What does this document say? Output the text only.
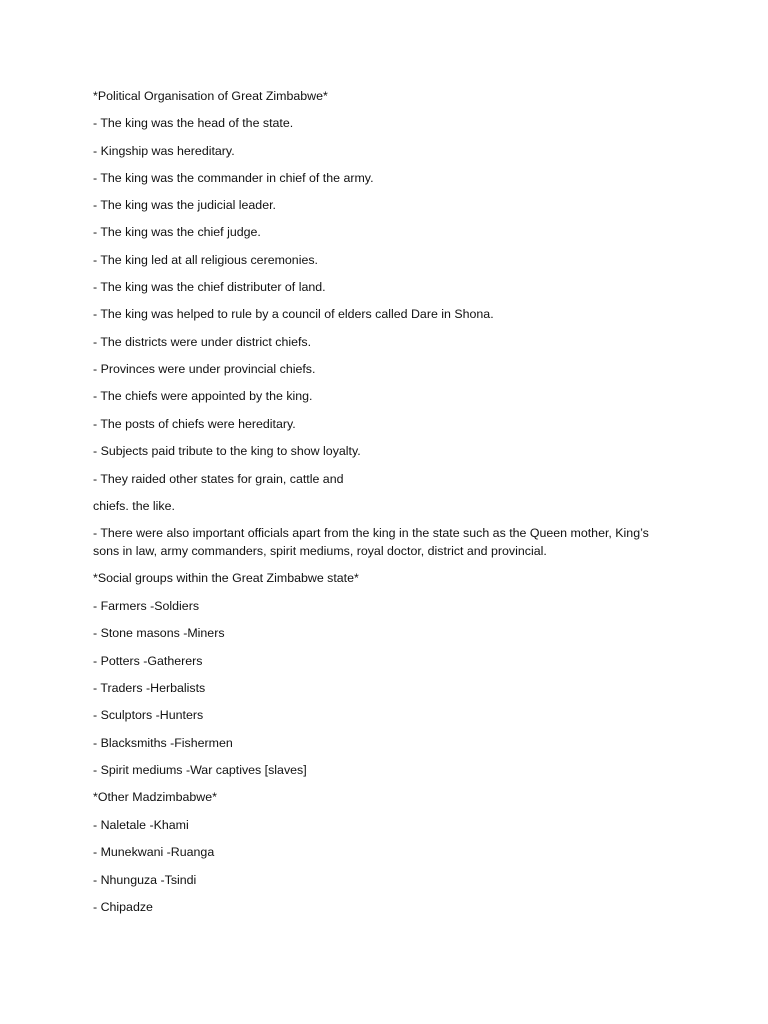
*Political Organisation of Great Zimbabwe*
- The king was the head of the state.
- Kingship was hereditary.
- The king was the commander in chief of the army.
- The king was the judicial leader.
- The king was the chief judge.
- The king led at all religious ceremonies.
- The king was the chief distributer of land.
- The king was helped to rule by a council of elders called Dare in Shona.
- The districts were under district chiefs.
- Provinces were under provincial chiefs.
- The chiefs were appointed by the king.
- The posts of chiefs were hereditary.
- Subjects paid tribute to the king to show loyalty.
- They raided other states for grain, cattle and
chiefs. the like.
- There were also important officials apart from the king in the state such as the Queen mother, King’s sons in law, army commanders, spirit mediums, royal doctor, district and provincial.
*Social groups within the Great Zimbabwe state*
- Farmers -Soldiers
- Stone masons -Miners
- Potters -Gatherers
- Traders -Herbalists
- Sculptors -Hunters
- Blacksmiths -Fishermen
- Spirit mediums -War captives [slaves]
*Other Madzimbabwe*
- Naletale -Khami
- Munekwani -Ruanga
- Nhunguza -Tsindi
- Chipadze
